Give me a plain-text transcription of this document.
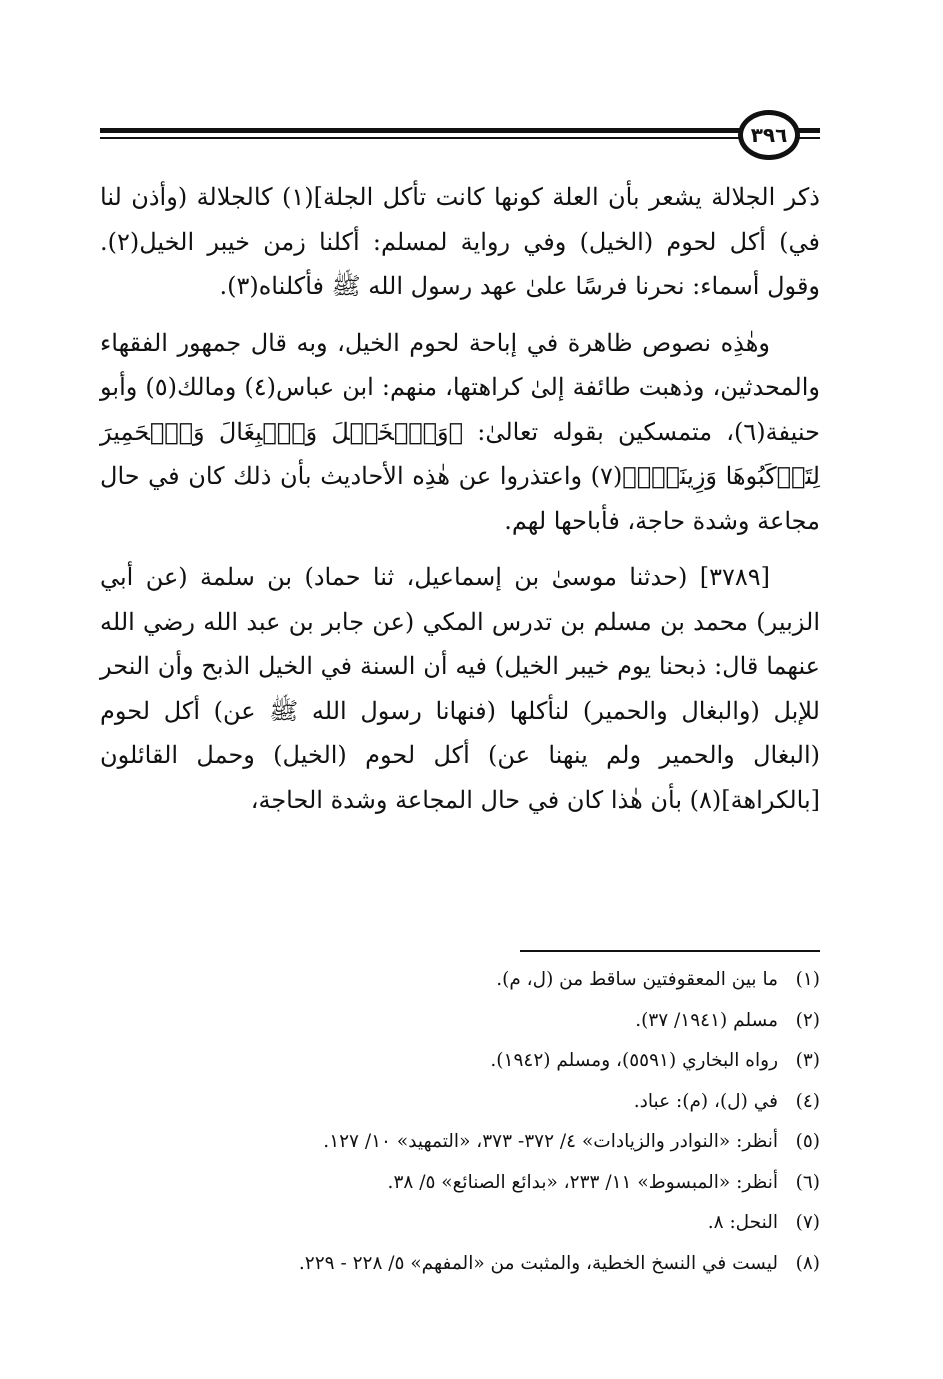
٣٩٦

ذكر الجلالة يشعر بأن العلة كونها كانت تأكل الجلة](١) كالجلالة (وأذن لنا في) أكل لحوم (الخيل) وفي رواية لمسلم: أكلنا زمن خيبر الخيل(٢). وقول أسماء: نحرنا فرسًا علىٰ عهد رسول الله ﷺ فأكلناه(٣).

وهٰذِه نصوص ظاهرة في إباحة لحوم الخيل، وبه قال جمهور الفقهاء والمحدثين، وذهبت طائفة إلىٰ كراهتها، منهم: ابن عباس(٤) ومالك(٥) وأبو حنيفة(٦)، متمسكين بقوله تعالىٰ: ﴿وَٱلۡخَيۡلَ وَٱلۡبِغَالَ وَٱلۡحَمِيرَ لِتَرۡكَبُوهَا وَزِينَةٗۚ﴾(٧) واعتذروا عن هٰذِه الأحاديث بأن ذلك كان في حال مجاعة وشدة حاجة، فأباحها لهم.

[٣٧٨٩] (حدثنا موسىٰ بن إسماعيل، ثنا حماد) بن سلمة (عن أبي الزبير) محمد بن مسلم بن تدرس المكي (عن جابر بن عبد الله رضي الله عنهما قال: ذبحنا يوم خيبر الخيل) فيه أن السنة في الخيل الذبح وأن النحر للإبل (والبغال والحمير) لنأكلها (فنهانا رسول الله ﷺ عن) أكل لحوم (البغال والحمير ولم ينهنا عن) أكل لحوم (الخيل) وحمل القائلون [بالكراهة](٨) بأن هٰذا كان في حال المجاعة وشدة الحاجة،

(١)
ما بين المعقوفتين ساقط من (ل، م).
(٢)
مسلم (١٩٤١/ ٣٧).
(٣)
رواه البخاري (٥٥٩١)، ومسلم (١٩٤٢).
(٤)
في (ل)، (م): عباد.
(٥)
أنظر: «النوادر والزيادات» ٤/ ٣٧٢- ٣٧٣، «التمهيد» ١٠/ ١٢٧.
(٦)
أنظر: «المبسوط» ١١/ ٢٣٣، «بدائع الصنائع» ٥/ ٣٨.
(٧)
النحل: ٨.
(٨)
ليست في النسخ الخطية، والمثبت من «المفهم» ٥/ ٢٢٨ - ٢٢٩.
